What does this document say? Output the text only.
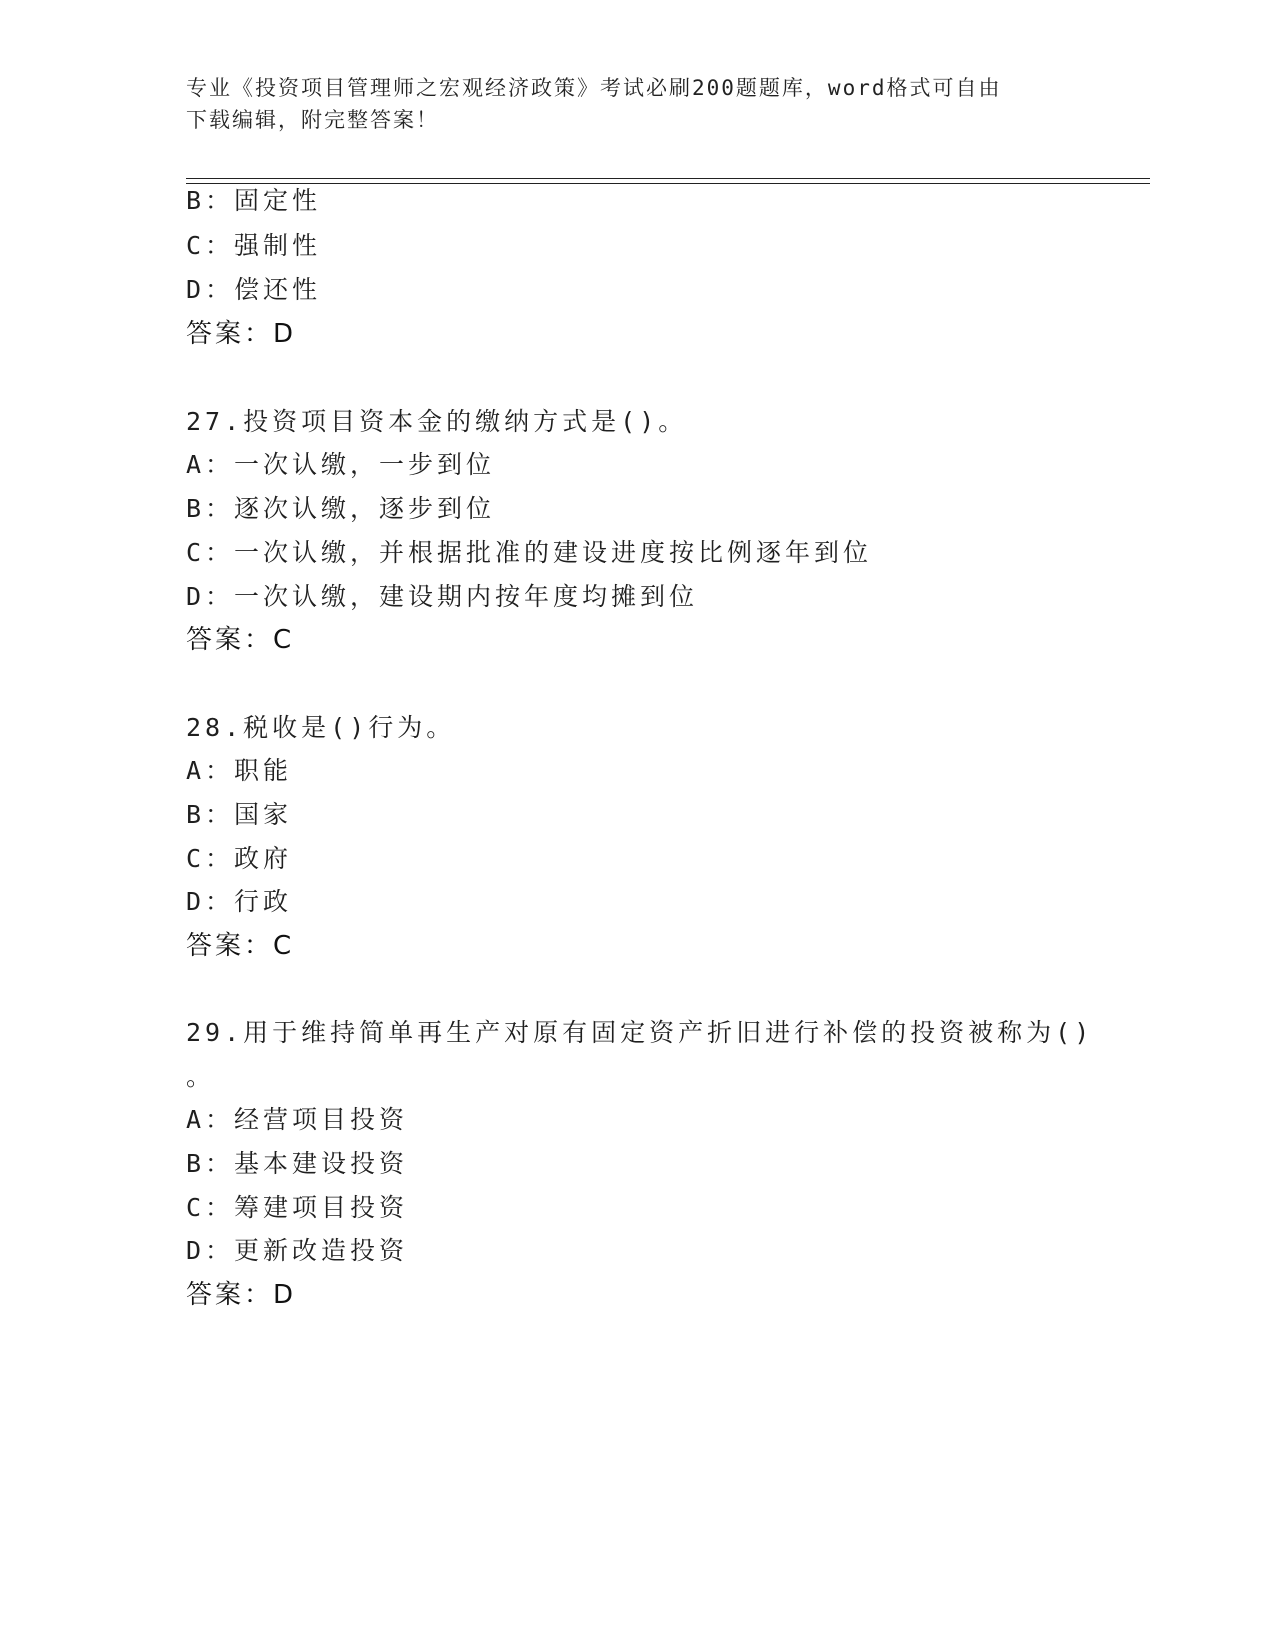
专业《投资项目管理师之宏观经济政策》考试必刷200题题库，word格式可自由
下载编辑，附完整答案！
B：固定性
C：强制性
D：偿还性
答案：D
27.投资项目资本金的缴纳方式是()。
A：一次认缴，一步到位
B：逐次认缴，逐步到位
C：一次认缴，并根据批准的建设进度按比例逐年到位
D：一次认缴，建设期内按年度均摊到位
答案：C
28.税收是()行为。
A：职能
B：国家
C：政府
D：行政
答案：C
29.用于维持简单再生产对原有固定资产折旧进行补偿的投资被称为()
。
A：经营项目投资
B：基本建设投资
C：筹建项目投资
D：更新改造投资
答案：D
